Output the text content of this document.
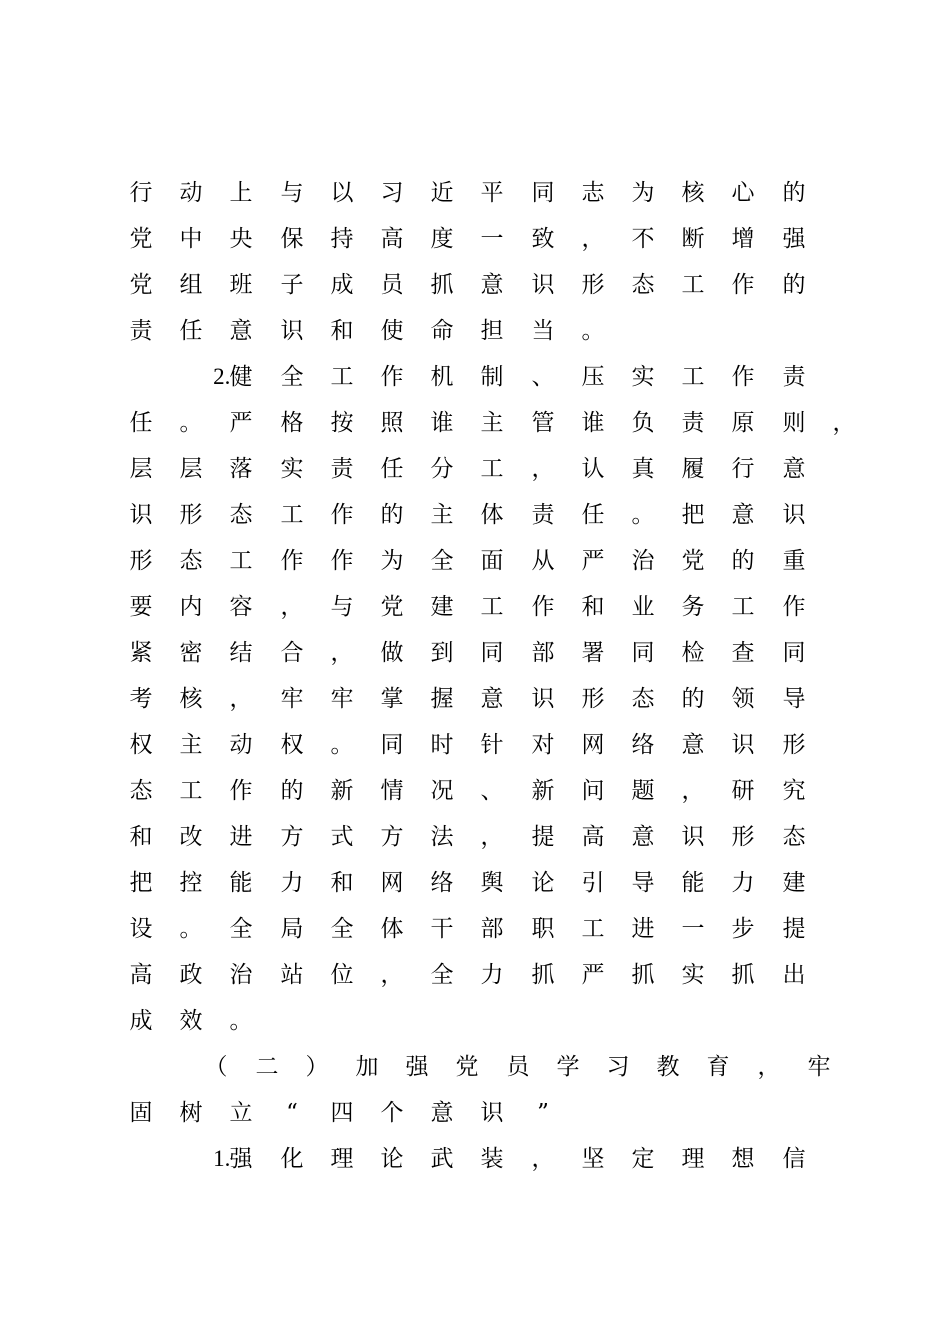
行 动 上 与 以 习 近 平 同 志 为 核 心 的
党 中 央 保 持 高 度 一 致 ， 不 断 增 强
党 组 班 子 成 员 抓 意 识 形 态 工 作 的
责 任 意 识 和 使 命 担 当 。
2. 健 全 工 作 机 制 、 压 实 工 作 责
任 。 严 格 按 照 谁 主 管 谁 负 责 原 则 ，
层 层 落 实 责 任 分 工 ， 认 真 履 行 意
识 形 态 工 作 的 主 体 责 任 。 把 意 识
形 态 工 作 作 为 全 面 从 严 治 党 的 重
要 内 容 ， 与 党 建 工 作 和 业 务 工 作
紧 密 结 合 ， 做 到 同 部 署 同 检 查 同
考 核 ， 牢 牢 掌 握 意 识 形 态 的 领 导
权 主 动 权 。 同 时 针 对 网 络 意 识 形
态 工 作 的 新 情 况 、 新 问 题 ， 研 究
和 改 进 方 式 方 法 ， 提 高 意 识 形 态
把 控 能 力 和 网 络 舆 论 引 导 能 力 建
设 。 全 局 全 体 干 部 职 工 进 一 步 提
高 政 治 站 位 ， 全 力 抓 严 抓 实 抓 出
成 效 。
（ 二 ） 加 强 党 员 学 习 教 育 ， 牢
固 树 立	“	四 个 意 识	”
1. 强 化 理 论 武 装 ， 坚 定 理 想 信
